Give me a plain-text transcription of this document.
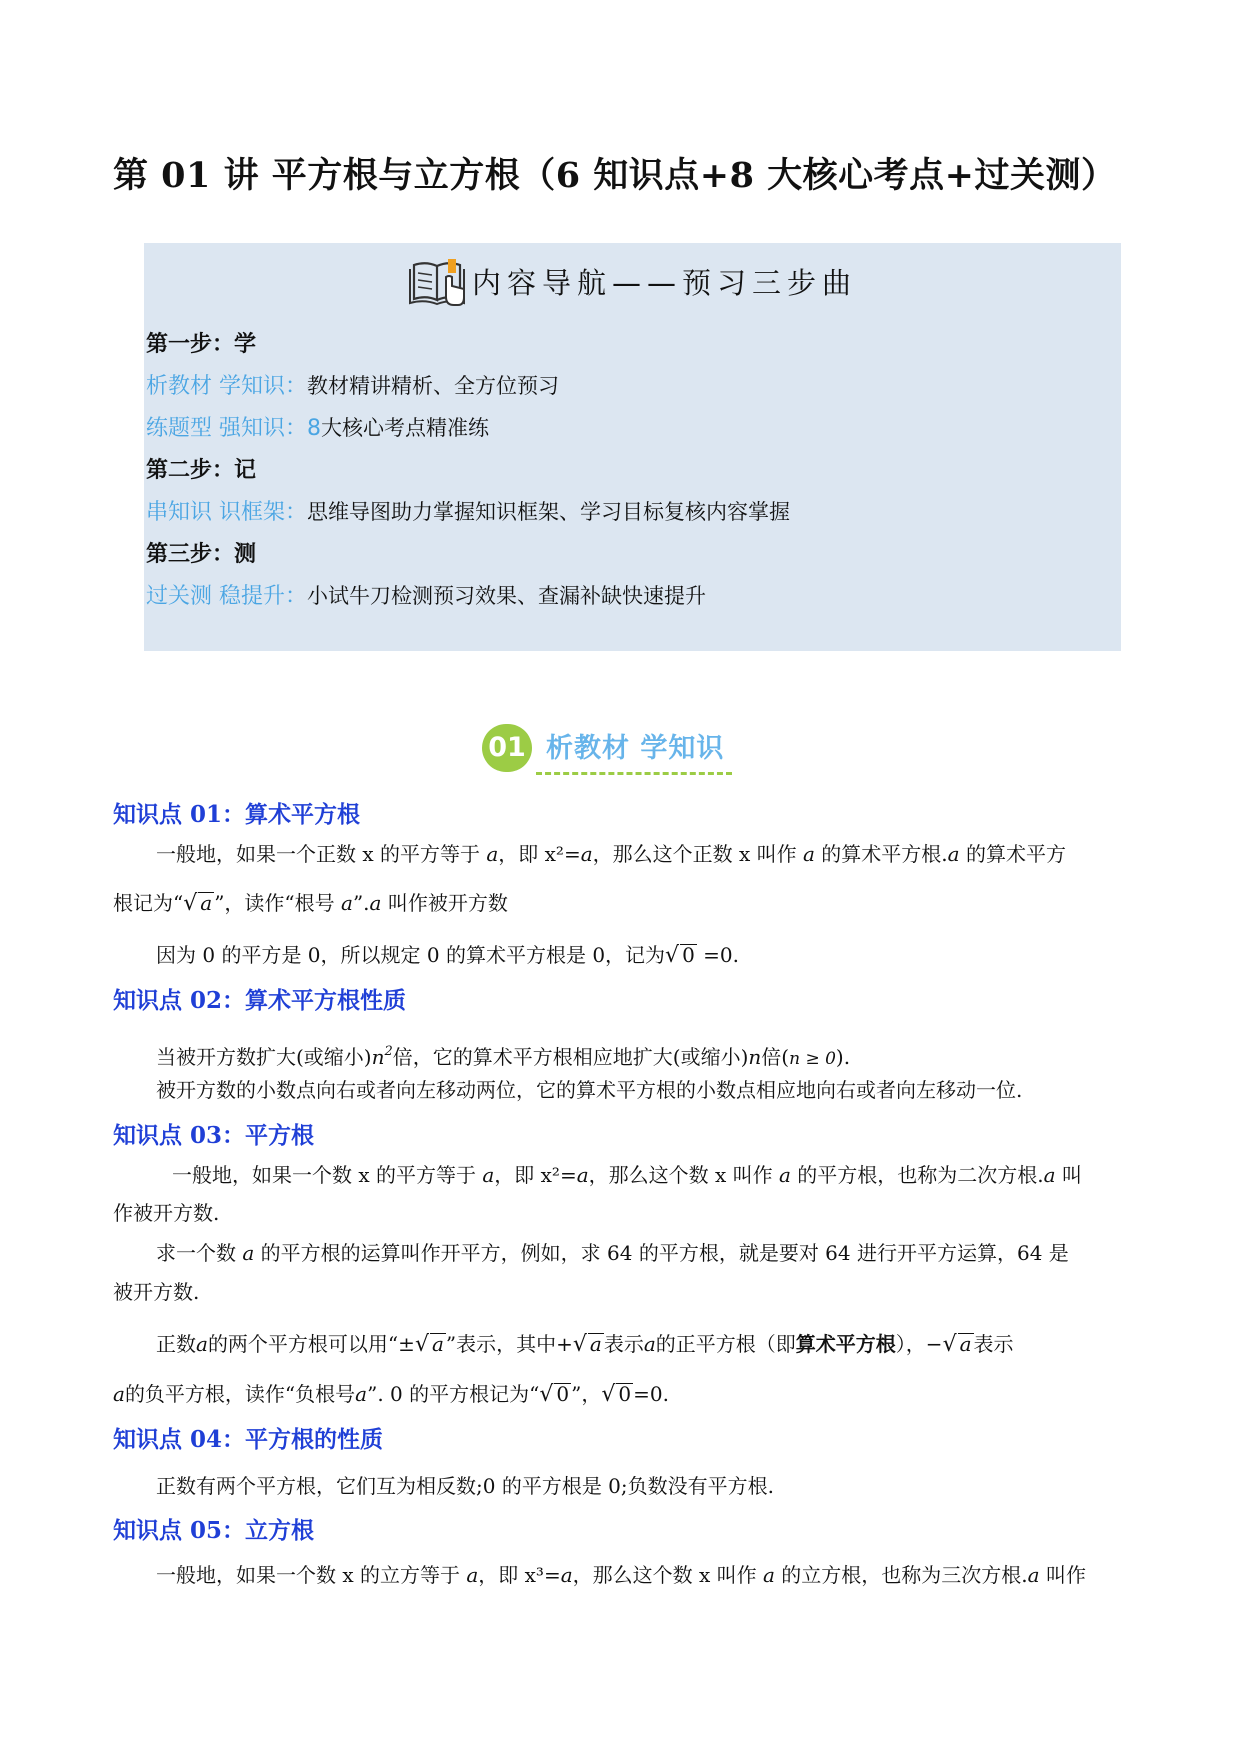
第 01 讲 平方根与立方根（6 知识点+8 大核心考点+过关测）
内容导航——预习三步曲
第一步：学
析教材 学知识：教材精讲精析、全方位预习
练题型 强知识：8大核心考点精准练
第二步：记
串知识 识框架：思维导图助力掌握知识框架、学习目标复核内容掌握
第三步：测
过关测 稳提升：小试牛刀检测预习效果、查漏补缺快速提升
01 析教材 学知识
知识点 01：算术平方根
一般地，如果一个正数 x 的平方等于 a，即 x²=a，那么这个正数 x 叫作 a 的算术平方根.a 的算术平方
根记为“√ a ”，读作“根号 a”.a 叫作被开方数
因为 0 的平方是 0，所以规定 0 的算术平方根是 0，记为√ 0 =0.
知识点 02：算术平方根性质
当被开方数扩大(或缩小)$n^2$倍，它的算术平方根相应地扩大(或缩小)n倍(n ≥ 0).
被开方数的小数点向右或者向左移动两位，它的算术平方根的小数点相应地向右或者向左移动一位.
知识点 03：平方根
一般地，如果一个数 x 的平方等于 a，即 x²=a，那么这个数 x 叫作 a 的平方根，也称为二次方根.a 叫
作被开方数.
求一个数 a 的平方根的运算叫作开平方，例如，求 64 的平方根，就是要对 64 进行开平方运算，64 是
被开方数.
正数a的两个平方根可以用“±√ a ”表示，其中+√ a 表示a的正平方根（即算术平方根），−√ a 表示
a的负平方根，读作“负根号a”. 0 的平方根记为“√ 0 ”，√ 0 =0.
知识点 04：平方根的性质
正数有两个平方根，它们互为相反数;0 的平方根是 0;负数没有平方根.
知识点 05：立方根
一般地，如果一个数 x 的立方等于 a，即 x³=a，那么这个数 x 叫作 a 的立方根，也称为三次方根.a 叫作
